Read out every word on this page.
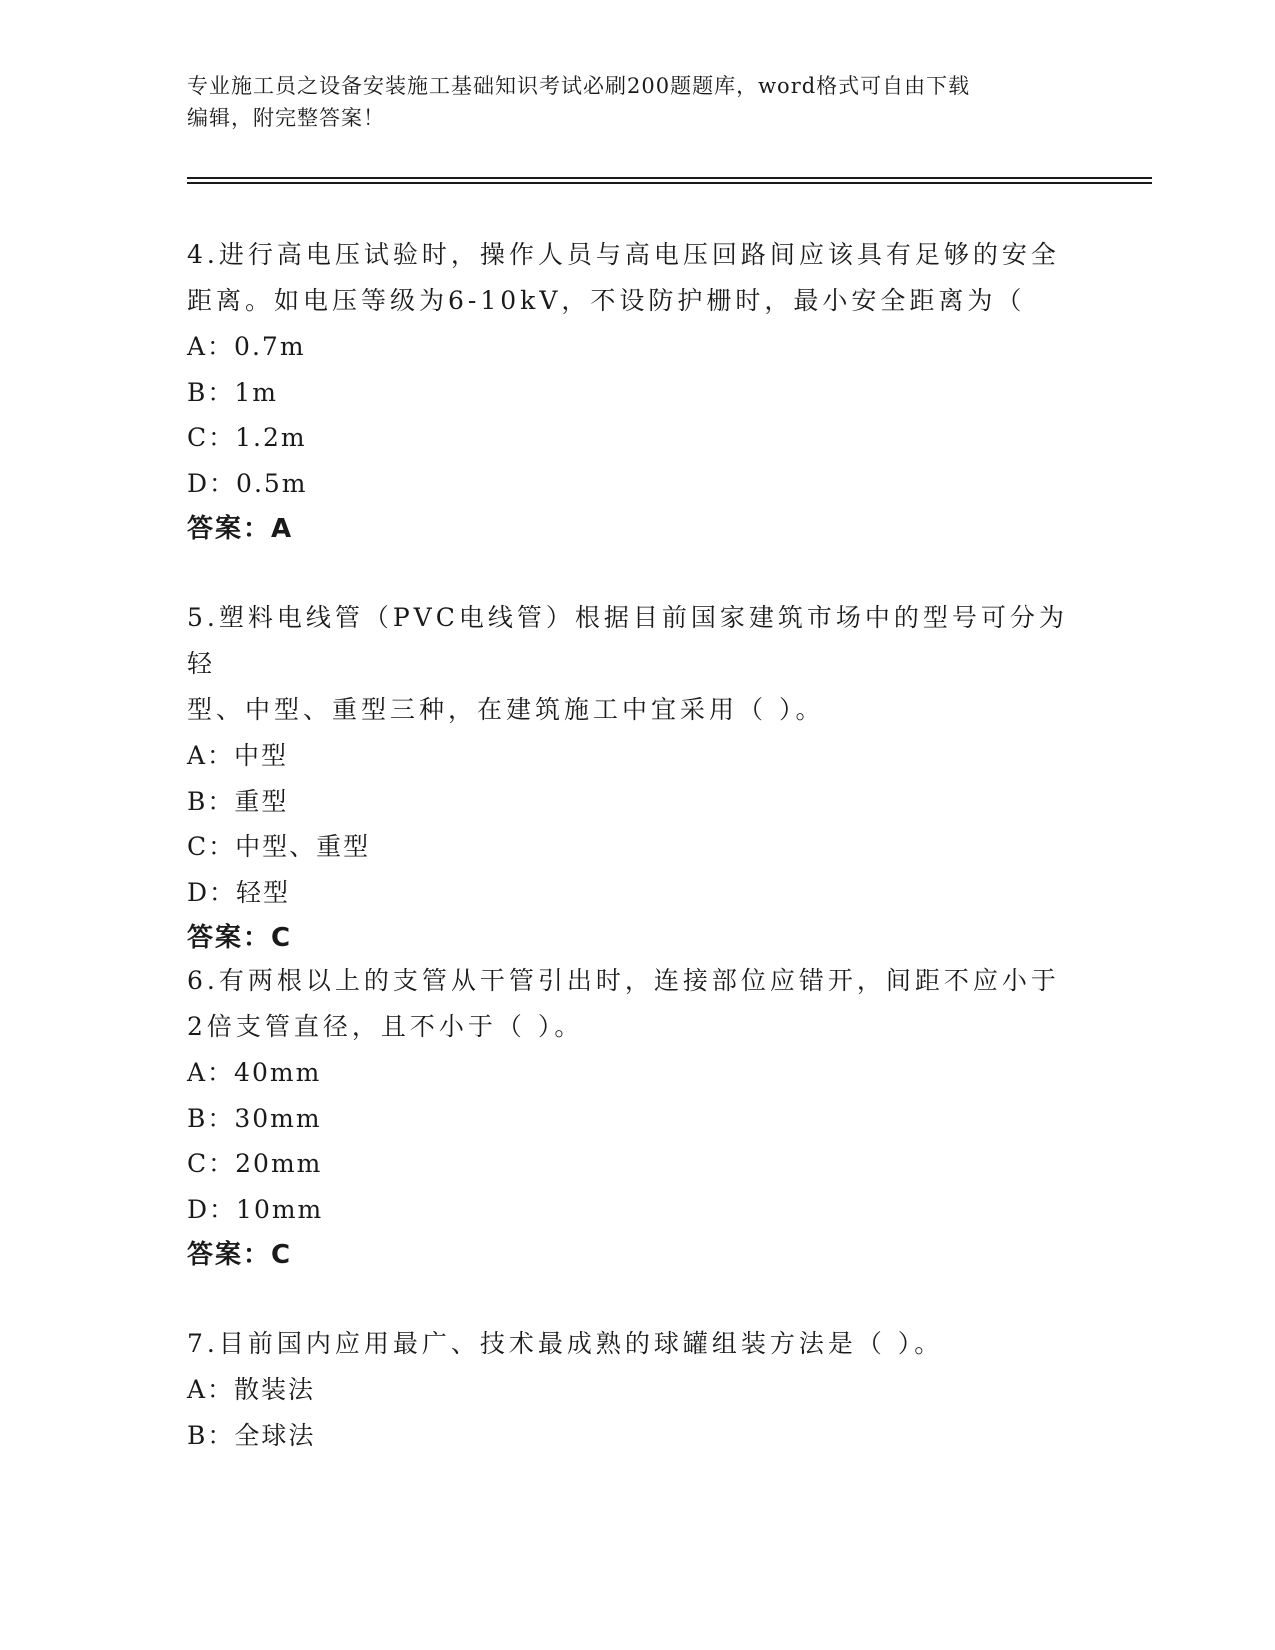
专业施工员之设备安装施工基础知识考试必刷200题题库，word格式可自由下载
编辑，附完整答案！

4.进行高电压试验时，操作人员与高电压回路间应该具有足够的安全

距离。如电压等级为6-10kV，不设防护栅时，最小安全距离为（

A：0.7m

B：1m

C：1.2m

D：0.5m

答案：A

5.塑料电线管（PVC电线管）根据目前国家建筑市场中的型号可分为轻

型、中型、重型三种，在建筑施工中宜采用（ ）。

A：中型

B：重型

C：中型、重型

D：轻型

答案：C

6.有两根以上的支管从干管引出时，连接部位应错开，间距不应小于

2倍支管直径，且不小于（ ）。

A：40mm

B：30mm

C：20mm

D：10mm

答案：C

7.目前国内应用最广、技术最成熟的球罐组装方法是（ ）。

A：散装法

B：全球法
